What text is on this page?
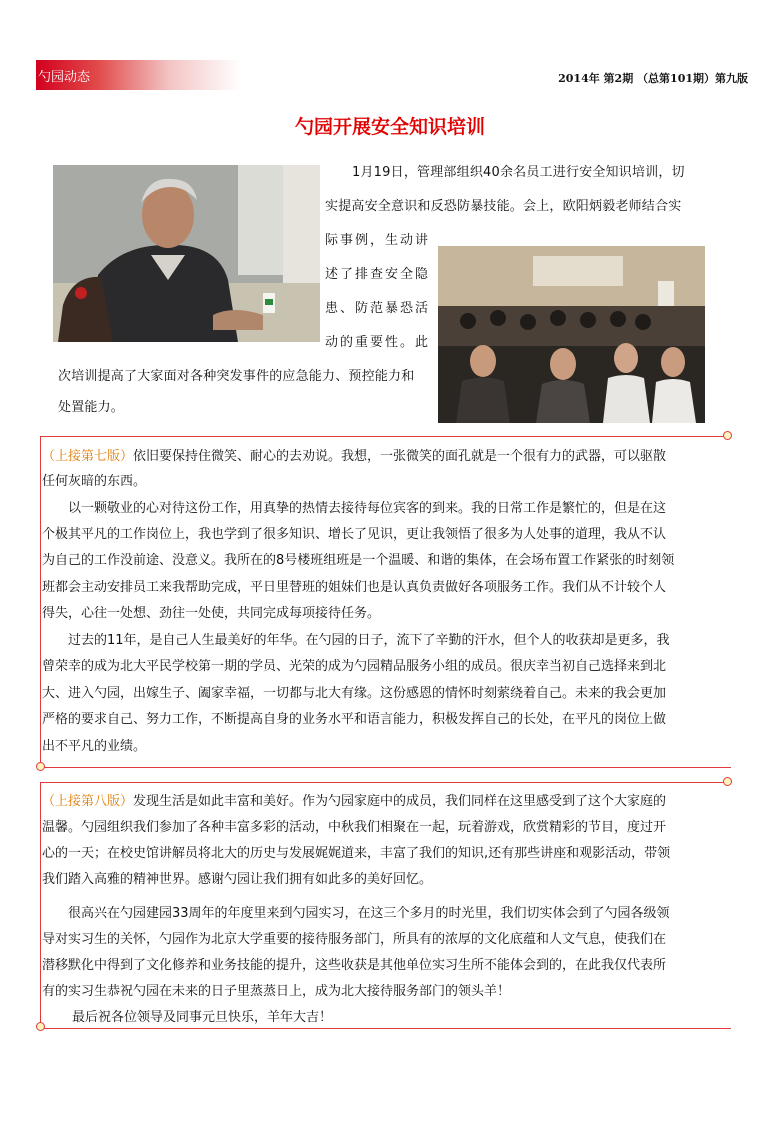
勺园动态	2014年 第2期 （总第101期）第九版
勺园开展安全知识培训
1月19日，管理部组织40余名员工进行安全知识培训，切
实提高安全意识和反恐防暴技能。会上，欧阳炳毅老师结合实
际事例，生动讲
述了排查安全隐
患、防范暴恐活
动的重要性。此
次培训提高了大家面对各种突发事件的应急能力、预控能力和
处置能力。
（上接第七版）依旧要保持住微笑、耐心的去劝说。我想，一张微笑的面孔就是一个很有力的武器，可以驱散
任何灰暗的东西。
以一颗敬业的心对待这份工作，用真挚的热情去接待每位宾客的到来。我的日常工作是繁忙的，但是在这
个极其平凡的工作岗位上，我也学到了很多知识、增长了见识，更让我领悟了很多为人处事的道理，我从不认
为自己的工作没前途、没意义。我所在的8号楼班组班是一个温暖、和谐的集体，在会场布置工作紧张的时刻领
班都会主动安排员工来我帮助完成，平日里替班的姐妹们也是认真负责做好各项服务工作。我们从不计较个人
得失，心往一处想、劲往一处使，共同完成每项接待任务。
过去的11年，是自己人生最美好的年华。在勺园的日子，流下了辛勤的汗水，但个人的收获却是更多，我
曾荣幸的成为北大平民学校第一期的学员、光荣的成为勺园精品服务小组的成员。很庆幸当初自己选择来到北
大、进入勺园，出嫁生子、阖家幸福，一切都与北大有缘。这份感恩的情怀时刻萦绕着自己。未来的我会更加
严格的要求自己、努力工作，不断提高自身的业务水平和语言能力，积极发挥自己的长处，在平凡的岗位上做
出不平凡的业绩。
（上接第八版）发现生活是如此丰富和美好。作为勺园家庭中的成员，我们同样在这里感受到了这个大家庭的
温馨。勺园组织我们参加了各种丰富多彩的活动，中秋我们相聚在一起，玩着游戏，欣赏精彩的节目，度过开
心的一天；在校史馆讲解员将北大的历史与发展娓娓道来，丰富了我们的知识,还有那些讲座和观影活动，带领
我们踏入高雅的精神世界。感谢勺园让我们拥有如此多的美好回忆。
很高兴在勺园建园33周年的年度里来到勺园实习，在这三个多月的时光里，我们切实体会到了勺园各级领
导对实习生的关怀，勺园作为北京大学重要的接待服务部门，所具有的浓厚的文化底蕴和人文气息，使我们在
潜移默化中得到了文化修养和业务技能的提升，这些收获是其他单位实习生所不能体会到的，在此我仅代表所
有的实习生恭祝勺园在未来的日子里蒸蒸日上，成为北大接待服务部门的领头羊！
最后祝各位领导及同事元旦快乐，羊年大吉！
